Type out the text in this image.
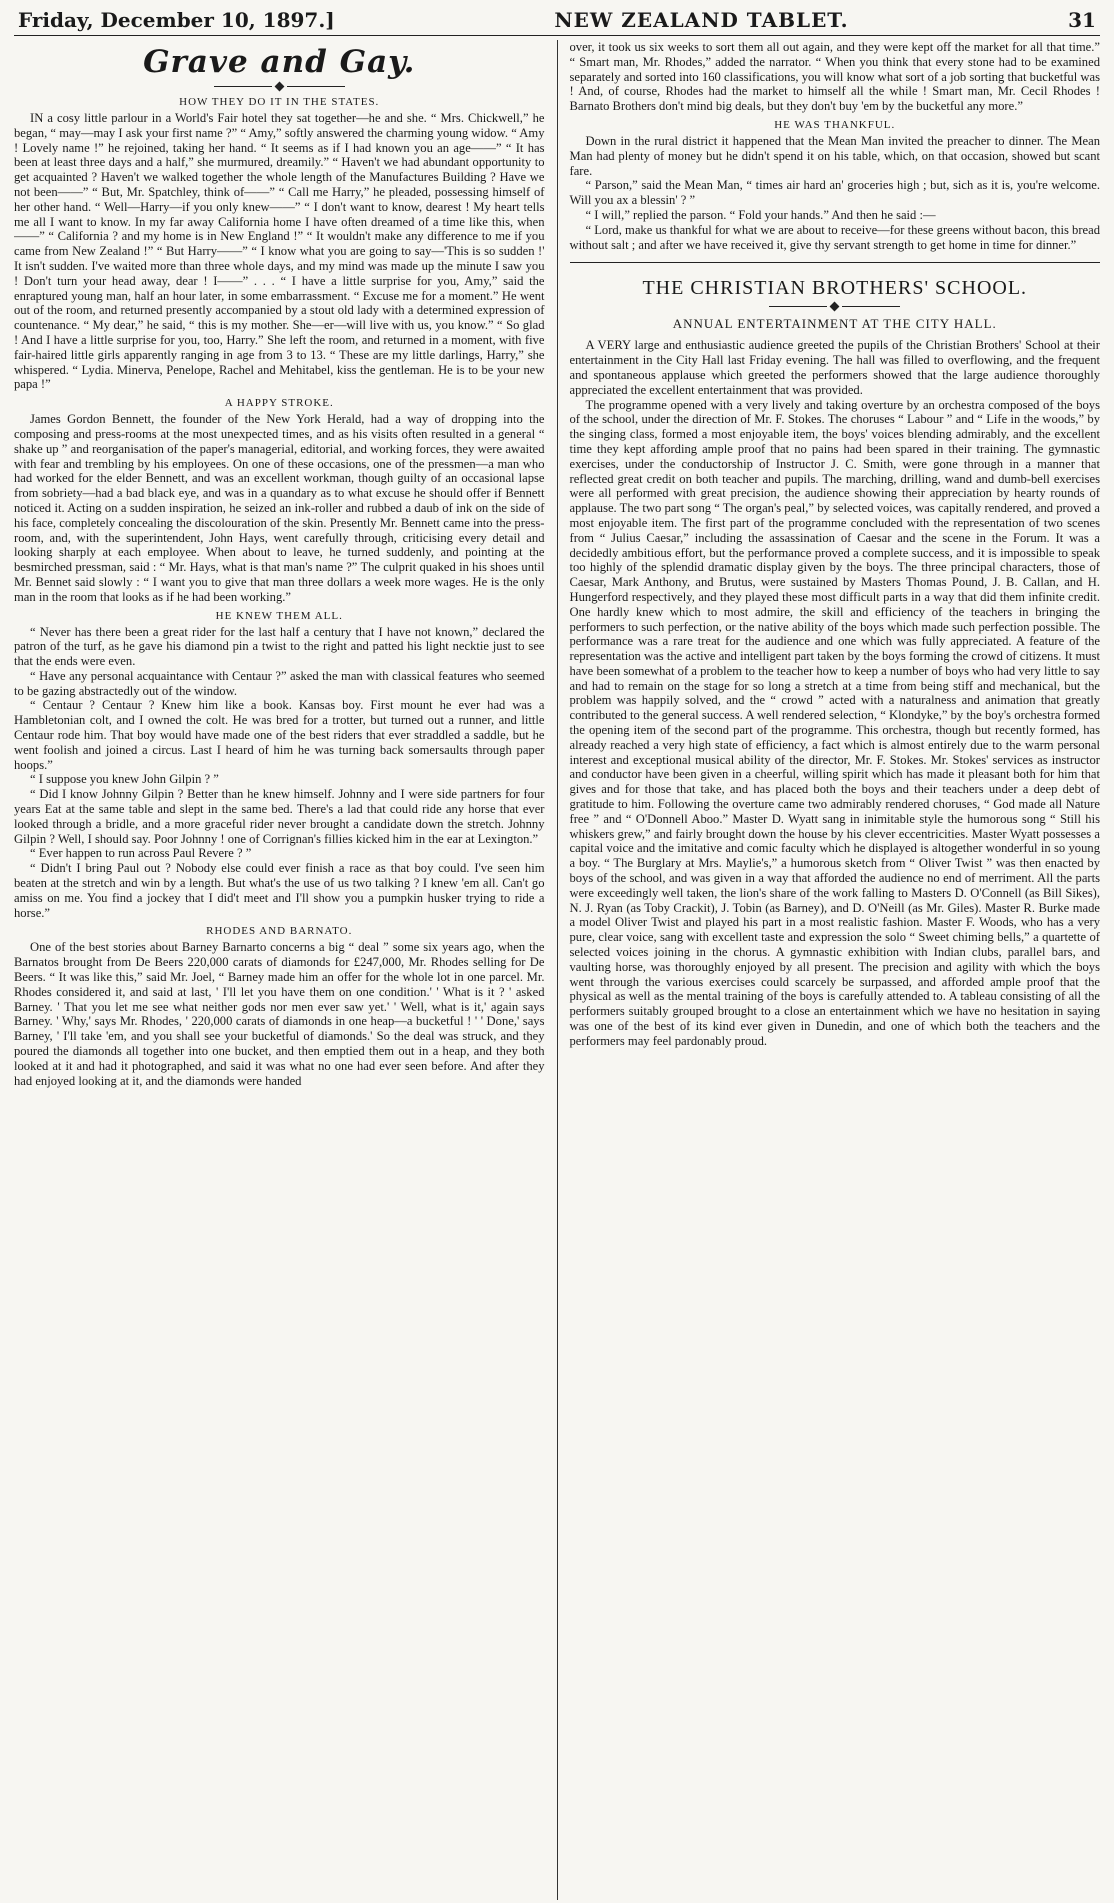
Friday, December 10, 1897.]	NEW ZEALAND TABLET.	31
Grave and Gay.
HOW THEY DO IT IN THE STATES.

IN a cosy little parlour in a World's Fair hotel they sat together—he and she. “ Mrs. Chickwell,” he began, “ may—may I ask your first name ?” “ Amy,” softly answered the charming young widow. “ Amy ! Lovely name !” he rejoined, taking her hand. “ It seems as if I had known you an age——” “ It has been at least three days and a half,” she murmured, dreamily.” “ Haven't we had abundant opportunity to get acquainted ? Haven't we walked together the whole length of the Manufactures Building ? Have we not been——” “ But, Mr. Spatchley, think of——” “ Call me Harry,” he pleaded, possessing himself of her other hand. “ Well—Harry—if you only knew——” “ I don't want to know, dearest ! My heart tells me all I want to know. In my far away California home I have often dreamed of a time like this, when——” “ California ? and my home is in New England !” “ It wouldn't make any difference to me if you came from New Zealand !” “ But Harry——” “ I know what you are going to say—'This is so sudden !' It isn't sudden. I've waited more than three whole days, and my mind was made up the minute I saw you ! Don't turn your head away, dear ! I——” . . . “ I have a little surprise for you, Amy,” said the enraptured young man, half an hour later, in some embarrassment. “ Excuse me for a moment.” He went out of the room, and returned presently accompanied by a stout old lady with a determined expression of countenance. “ My dear,” he said, “ this is my mother. She—er—will live with us, you know.” “ So glad ! And I have a little surprise for you, too, Harry.” She left the room, and returned in a moment, with five fair-haired little girls apparently ranging in age from 3 to 13. “ These are my little darlings, Harry,” she whispered. “ Lydia. Minerva, Penelope, Rachel and Mehitabel, kiss the gentleman. He is to be your new papa !”

A HAPPY STROKE.

James Gordon Bennett, the founder of the New York Herald, had a way of dropping into the composing and press-rooms at the most unexpected times, and as his visits often resulted in a general “ shake up ” and reorganisation of the paper's managerial, editorial, and working forces, they were awaited with fear and trembling by his employees. On one of these occasions, one of the pressmen—a man who had worked for the elder Bennett, and was an excellent workman, though guilty of an occasional lapse from sobriety—had a bad black eye, and was in a quandary as to what excuse he should offer if Bennett noticed it. Acting on a sudden inspiration, he seized an ink-roller and rubbed a daub of ink on the side of his face, completely concealing the discolouration of the skin. Presently Mr. Bennett came into the press-room, and, with the superintendent, John Hays, went carefully through, criticising every detail and looking sharply at each employee. When about to leave, he turned suddenly, and pointing at the besmirched pressman, said : “ Mr. Hays, what is that man's name ?” The culprit quaked in his shoes until Mr. Bennet said slowly : “ I want you to give that man three dollars a week more wages. He is the only man in the room that looks as if he had been working.”

HE KNEW THEM ALL.

“ Never has there been a great rider for the last half a century that I have not known,” declared the patron of the turf, as he gave his diamond pin a twist to the right and patted his light necktie just to see that the ends were even.

“ Have any personal acquaintance with Centaur ?” asked the man with classical features who seemed to be gazing abstractedly out of the window.

“ Centaur ? Centaur ? Knew him like a book. Kansas boy. First mount he ever had was a Hambletonian colt, and I owned the colt. He was bred for a trotter, but turned out a runner, and little Centaur rode him. That boy would have made one of the best riders that ever straddled a saddle, but he went foolish and joined a circus. Last I heard of him he was turning back somersaults through paper hoops.”

“ I suppose you knew John Gilpin ? ”

“ Did I know Johnny Gilpin ? Better than he knew himself. Johnny and I were side partners for four years Eat at the same table and slept in the same bed. There's a lad that could ride any horse that ever looked through a bridle, and a more graceful rider never brought a candidate down the stretch. Johnny Gilpin ? Well, I should say. Poor Johnny ! one of Corrignan's fillies kicked him in the ear at Lexington.”

“ Ever happen to run across Paul Revere ? ”

“ Didn't I bring Paul out ? Nobody else could ever finish a race as that boy could. I've seen him beaten at the stretch and win by a length. But what's the use of us two talking ? I knew 'em all. Can't go amiss on me. You find a jockey that I did't meet and I'll show you a pumpkin husker trying to ride a horse.”

RHODES AND BARNATO.

One of the best stories about Barney Barnarto concerns a big “ deal ” some six years ago, when the Barnatos brought from De Beers 220,000 carats of diamonds for £247,000, Mr. Rhodes selling for De Beers. “ It was like this,” said Mr. Joel, “ Barney made him an offer for the whole lot in one parcel. Mr. Rhodes considered it, and said at last, ' I'll let you have them on one condition.' ' What is it ? ' asked Barney. ' That you let me see what neither gods nor men ever saw yet.' ' Well, what is it,' again says Barney. ' Why,' says Mr. Rhodes, ' 220,000 carats of diamonds in one heap—a bucketful ! ' ' Done,' says Barney, ' I'll take 'em, and you shall see your bucketful of diamonds.' So the deal was struck, and they poured the diamonds all together into one bucket, and then emptied them out in a heap, and they both looked at it and had it photographed, and said it was what no one had ever seen before. And after they had enjoyed looking at it, and the diamonds were handed

over, it took us six weeks to sort them all out again, and they were kept off the market for all that time.” “ Smart man, Mr. Rhodes,” added the narrator. “ When you think that every stone had to be examined separately and sorted into 160 classifications, you will know what sort of a job sorting that bucketful was ! And, of course, Rhodes had the market to himself all the while ! Smart man, Mr. Cecil Rhodes ! Barnato Brothers don't mind big deals, but they don't buy 'em by the bucketful any more.”

HE WAS THANKFUL.

Down in the rural district it happened that the Mean Man invited the preacher to dinner. The Mean Man had plenty of money but he didn't spend it on his table, which, on that occasion, showed but scant fare.

“ Parson,” said the Mean Man, “ times air hard an' groceries high ; but, sich as it is, you're welcome. Will you ax a blessin' ? ”

“ I will,” replied the parson. “ Fold your hands.” And then he said :—

“ Lord, make us thankful for what we are about to receive—for these greens without bacon, this bread without salt ; and after we have received it, give thy servant strength to get home in time for dinner.”

THE CHRISTIAN BROTHERS' SCHOOL.
ANNUAL ENTERTAINMENT AT THE CITY HALL.

A VERY large and enthusiastic audience greeted the pupils of the Christian Brothers' School at their entertainment in the City Hall last Friday evening. The hall was filled to overflowing, and the frequent and spontaneous applause which greeted the performers showed that the large audience thoroughly appreciated the excellent entertainment that was provided.

The programme opened with a very lively and taking overture by an orchestra composed of the boys of the school, under the direction of Mr. F. Stokes. The choruses “ Labour ” and “ Life in the woods,” by the singing class, formed a most enjoyable item, the boys' voices blending admirably, and the excellent time they kept affording ample proof that no pains had been spared in their training. The gymnastic exercises, under the conductorship of Instructor J. C. Smith, were gone through in a manner that reflected great credit on both teacher and pupils. The marching, drilling, wand and dumb-bell exercises were all performed with great precision, the audience showing their appreciation by hearty rounds of applause. The two part song “ The organ's peal,” by selected voices, was capitally rendered, and proved a most enjoyable item. The first part of the programme concluded with the representation of two scenes from “ Julius Caesar,” including the assassination of Caesar and the scene in the Forum. It was a decidedly ambitious effort, but the performance proved a complete success, and it is impossible to speak too highly of the splendid dramatic display given by the boys. The three principal characters, those of Caesar, Mark Anthony, and Brutus, were sustained by Masters Thomas Pound, J. B. Callan, and H. Hungerford respectively, and they played these most difficult parts in a way that did them infinite credit. One hardly knew which to most admire, the skill and efficiency of the teachers in bringing the performers to such perfection, or the native ability of the boys which made such perfection possible. The performance was a rare treat for the audience and one which was fully appreciated. A feature of the representation was the active and intelligent part taken by the boys forming the crowd of citizens. It must have been somewhat of a problem to the teacher how to keep a number of boys who had very little to say and had to remain on the stage for so long a stretch at a time from being stiff and mechanical, but the problem was happily solved, and the “ crowd ” acted with a naturalness and animation that greatly contributed to the general success. A well rendered selection, “ Klondyke,” by the boy's orchestra formed the opening item of the second part of the programme. This orchestra, though but recently formed, has already reached a very high state of efficiency, a fact which is almost entirely due to the warm personal interest and exceptional musical ability of the director, Mr. F. Stokes. Mr. Stokes' services as instructor and conductor have been given in a cheerful, willing spirit which has made it pleasant both for him that gives and for those that take, and has placed both the boys and their teachers under a deep debt of gratitude to him. Following the overture came two admirably rendered choruses, “ God made all Nature free ” and “ O'Donnell Aboo.” Master D. Wyatt sang in inimitable style the humorous song “ Still his whiskers grew,” and fairly brought down the house by his clever eccentricities. Master Wyatt possesses a capital voice and the imitative and comic faculty which he displayed is altogether wonderful in so young a boy. “ The Burglary at Mrs. Maylie's,” a humorous sketch from “ Oliver Twist ” was then enacted by boys of the school, and was given in a way that afforded the audience no end of merriment. All the parts were exceedingly well taken, the lion's share of the work falling to Masters D. O'Connell (as Bill Sikes), N. J. Ryan (as Toby Crackit), J. Tobin (as Barney), and D. O'Neill (as Mr. Giles). Master R. Burke made a model Oliver Twist and played his part in a most realistic fashion. Master F. Woods, who has a very pure, clear voice, sang with excellent taste and expression the solo “ Sweet chiming bells,” a quartette of selected voices joining in the chorus. A gymnastic exhibition with Indian clubs, parallel bars, and vaulting horse, was thoroughly enjoyed by all present. The precision and agility with which the boys went through the various exercises could scarcely be surpassed, and afforded ample proof that the physical as well as the mental training of the boys is carefully attended to. A tableau consisting of all the performers suitably grouped brought to a close an entertainment which we have no hesitation in saying was one of the best of its kind ever given in Dunedin, and one of which both the teachers and the performers may feel pardonably proud.
